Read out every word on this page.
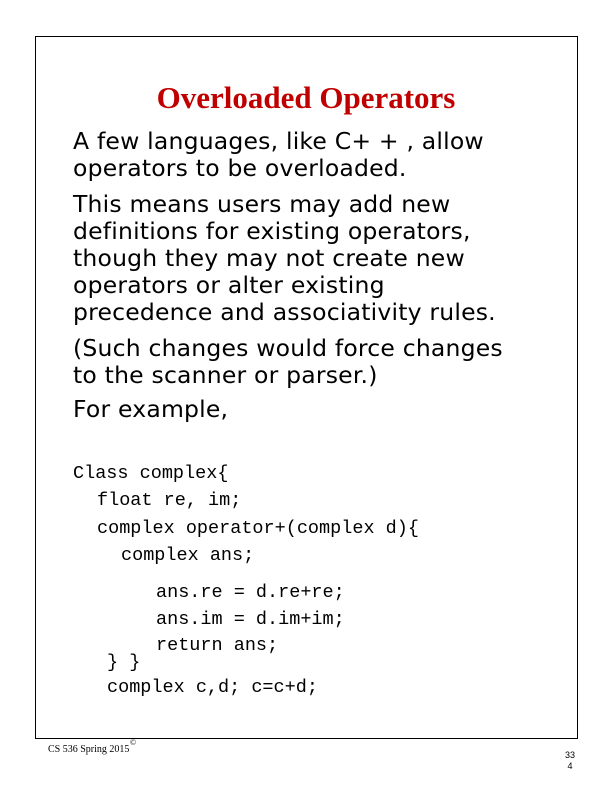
Overloaded Operators
A few languages, like C+ + , allow
operators to be overloaded.
This means users may add new
definitions for existing operators,
though they may not create new
operators or alter existing
precedence and associativity rules.
(Such changes would force changes
to the scanner or parser.)
For example,
Class complex{
float re, im;
complex operator+(complex d){
complex ans;
ans.re = d.re+re;
ans.im = d.im+im;
return ans;
} }
complex c,d; c=c+d;
CS 536 Spring 2015
©
33
4
